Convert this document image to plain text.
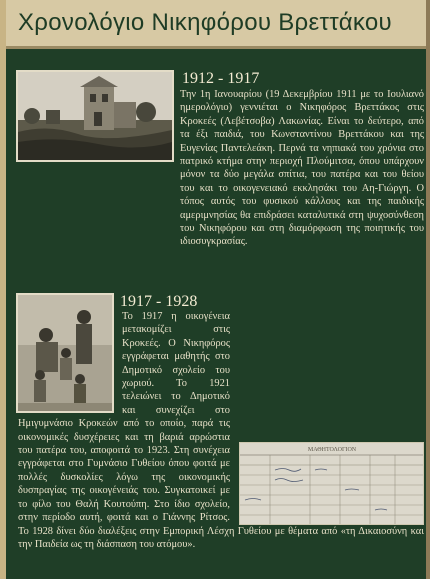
Χρονολόγιο Νικηφόρου Βρεττάκου
1912 - 1917
Την 1η Ιανουαρίου (19 Δεκεμβρίου 1911 με το Ιουλιανό ημερολόγιο) γεννιέται ο Νικηφόρος Βρεττάκος στις Κροκεές (Λεβέτσοβα) Λακωνίας. Είναι το δεύτερο, από τα έξι παιδιά, του Κωνσταντίνου Βρεττάκου και της Ευγενίας Παντελεάκη. Περνά τα νηπιακά του χρόνια στο πατρικό κτήμα στην περιοχή Πλούμιτσα, όπου υπάρχουν μόνον τα δύο μεγάλα σπίτια, του πατέρα και του θείου του και το οικογενειακό εκκλησάκι του Αη-Γιώργη. Ο τόπος αυτός του φυσικού κάλλους και της παιδικής αμεριμνησίας θα επιδράσει καταλυτικά στη ψυχοσύνθεση του Νικηφόρου και στη διαμόρφωση της ποιητικής του ιδιοσυγκρασίας.
1917 - 1928
Το 1917 η οικογένεια μετακομίζει στις Κροκεές. Ο Νικηφόρος εγγράφεται μαθητής στο Δημοτικό σχολείο του χωριού. Το 1921 τελειώνει το Δημοτικό και συνεχίζει στο Ημιγυμνάσιο Κροκεών από το οποίο, παρά τις οικονομικές δυσχέρειες και τη βαριά αρρώστια του πατέρα του, αποφοιτά το 1923. Στη συνέχεια εγγράφεται στο Γυμνάσιο Γυθείου όπου φοιτά με πολλές δυσκολίες λόγω της οικονομικής δυσπραγίας της οικογένειάς του. Συγκατοικεί με το φίλο του Θαλή Κουτούπη. Στο ίδιο σχολείο, στην περίοδο αυτή, φοιτά και ο Γιάννης Ρίτσος. Το 1928 δίνει δύο διαλέξεις στην Εμπορική Λέσχη Γυθείου με θέματα από «τη Δικαιοσύνη και την Παιδεία ως τη διάσπαση του ατόμου».
ΜΑΘΗΤΟΛΟΓΙΟΝ
